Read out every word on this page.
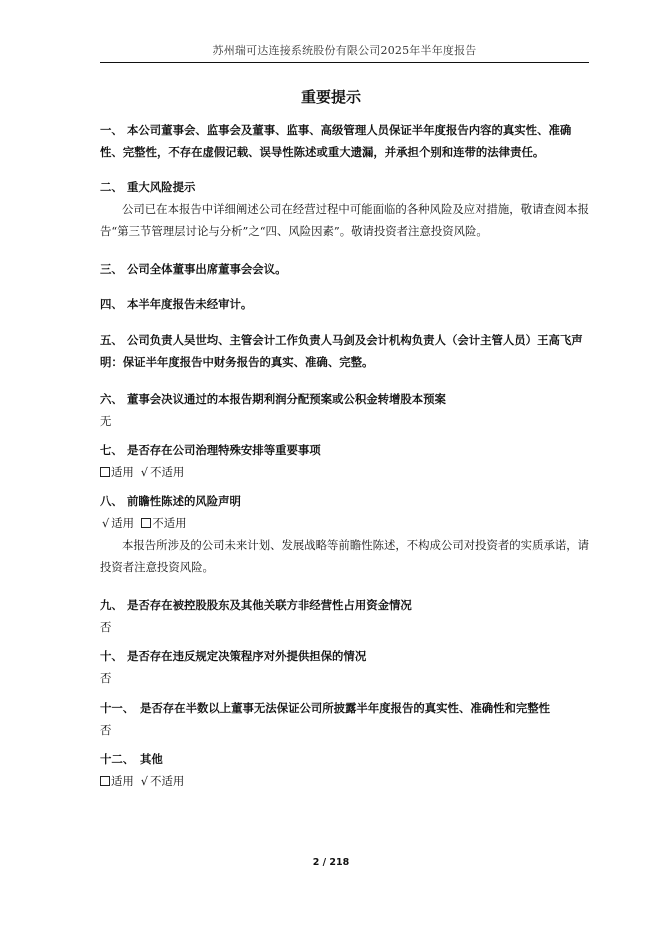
苏州瑞可达连接系统股份有限公司2025年半年度报告
重要提示
一、 本公司董事会、监事会及董事、监事、高级管理人员保证半年度报告内容的真实性、准确性、完整性，不存在虚假记载、误导性陈述或重大遗漏，并承担个别和连带的法律责任。
二、 重大风险提示
公司已在本报告中详细阐述公司在经营过程中可能面临的各种风险及应对措施，敬请查阅本报告“第三节管理层讨论与分析”之“四、风险因素”。敬请投资者注意投资风险。
三、 公司全体董事出席董事会会议。
四、 本半年度报告未经审计。
五、 公司负责人吴世均、主管会计工作负责人马剑及会计机构负责人（会计主管人员）王高飞声明：保证半年度报告中财务报告的真实、准确、完整。
六、 董事会决议通过的本报告期利润分配预案或公积金转增股本预案
无
七、 是否存在公司治理特殊安排等重要事项
适用 √ 不适用
八、 前瞻性陈述的风险声明
√ 适用 不适用
本报告所涉及的公司未来计划、发展战略等前瞻性陈述，不构成公司对投资者的实质承诺，请投资者注意投资风险。
九、 是否存在被控股股东及其他关联方非经营性占用资金情况
否
十、 是否存在违反规定决策程序对外提供担保的情况
否
十一、 是否存在半数以上董事无法保证公司所披露半年度报告的真实性、准确性和完整性
否
十二、 其他
适用 √ 不适用
2 / 218
